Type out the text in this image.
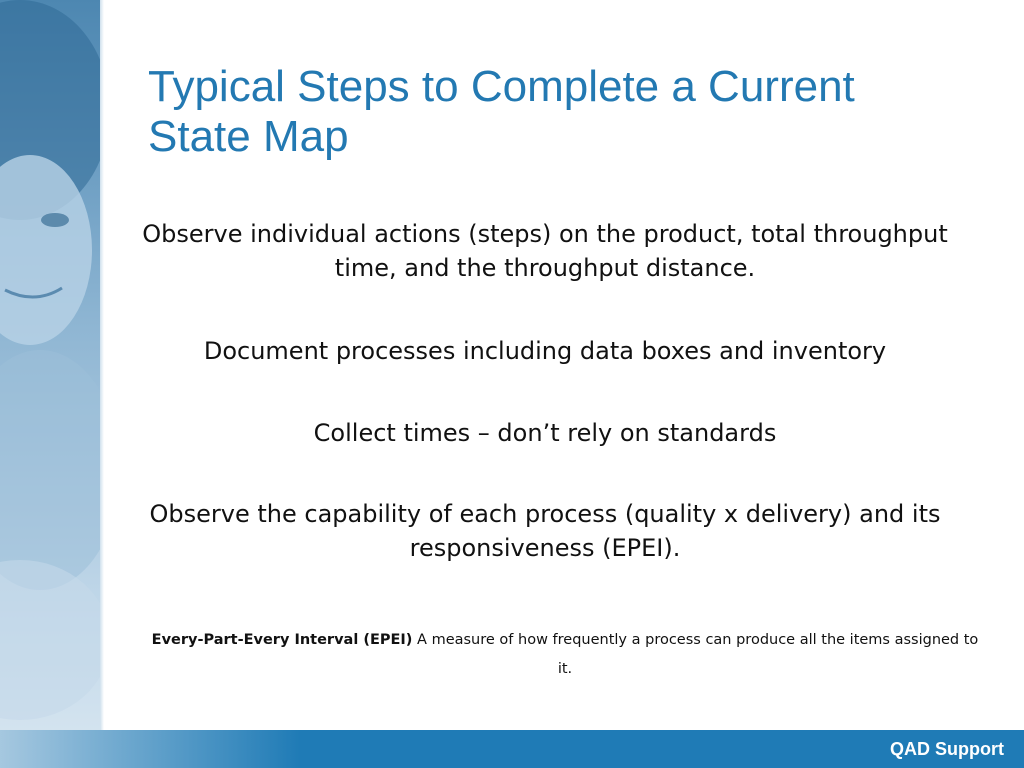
Typical Steps to Complete a Current State Map

Observe individual actions (steps) on the product, total throughput time, and the throughput distance.

Document processes including data boxes and inventory

Collect times – don’t rely on standards

Observe the capability of each process (quality x delivery) and its responsiveness (EPEI).

Every-Part-Every Interval (EPEI) A measure of how frequently a process can produce all the items assigned to it.

QAD Support
